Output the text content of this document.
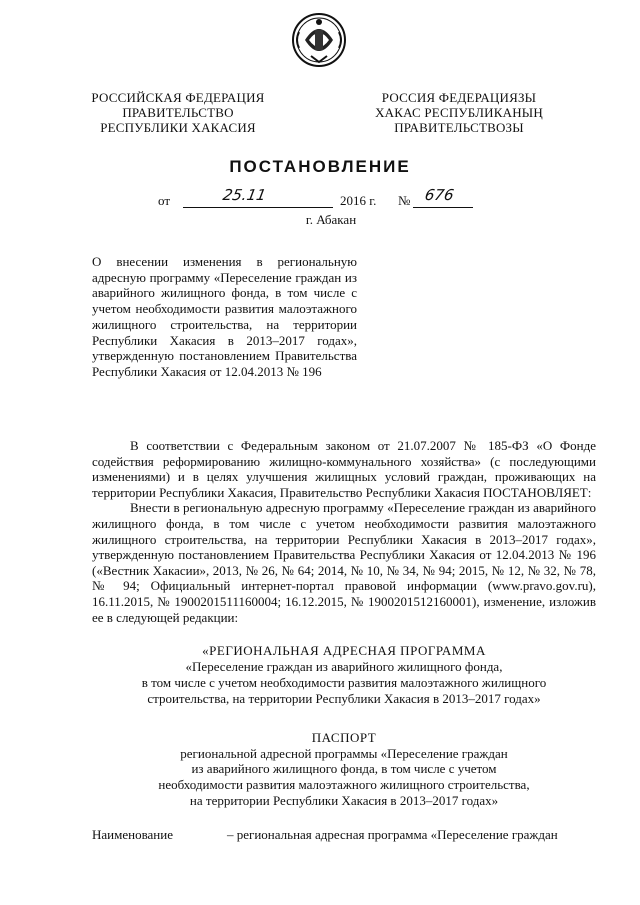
РОССИЙСКАЯ ФЕДЕРАЦИЯ
ПРАВИТЕЛЬСТВО
РЕСПУБЛИКИ ХАКАСИЯ
РОССИЯ ФЕДЕРАЦИЯЗЫ
ХАКАС РЕСПУБЛИКАНЫҢ
ПРАВИТЕЛЬСТВОЗЫ
ПОСТАНОВЛЕНИЕ
от	25.11	2016 г. № 676
г. Абакан
О внесении изменения в региональную адресную программу «Переселение граждан из аварийного жилищного фонда, в том числе с учетом необходимости развития малоэтажного жилищного строительства, на территории Республики Хакасия в 2013–2017 годах», утвержденную постановлением Правительства Республики Хакасия от 12.04.2013 № 196

В соответствии с Федеральным законом от 21.07.2007 № 185-ФЗ «О Фонде содействия реформированию жилищно-коммунального хозяйства» (с последующими изменениями) и в целях улучшения жилищных условий граждан, проживающих на территории Республики Хакасия, Правительство Республики Хакасия ПОСТАНОВЛЯЕТ:

Внести в региональную адресную программу «Переселение граждан из аварийного жилищного фонда, в том числе с учетом необходимости развития малоэтажного жилищного строительства, на территории Республики Хакасия в 2013–2017 годах», утвержденную постановлением Правительства Республики Хакасия от 12.04.2013 № 196 («Вестник Хакасии», 2013, № 26, № 64; 2014, № 10, № 34, № 94; 2015, № 12, № 32, № 78, № 94; Официальный интернет-портал правовой информации (www.pravo.gov.ru), 16.11.2015, № 1900201511160004; 16.12.2015, № 1900201512160001), изменение, изложив ее в следующей редакции:

«РЕГИОНАЛЬНАЯ АДРЕСНАЯ ПРОГРАММА
«Переселение граждан из аварийного жилищного фонда,
в том числе с учетом необходимости развития малоэтажного жилищного
строительства, на территории Республики Хакасия в 2013–2017 годах»
ПАСПОРТ
региональной адресной программы «Переселение граждан
из аварийного жилищного фонда, в том числе с учетом
необходимости развития малоэтажного жилищного строительства,
на территории Республики Хакасия в 2013–2017 годах»
Наименование	– региональная адресная программа «Переселение граждан
